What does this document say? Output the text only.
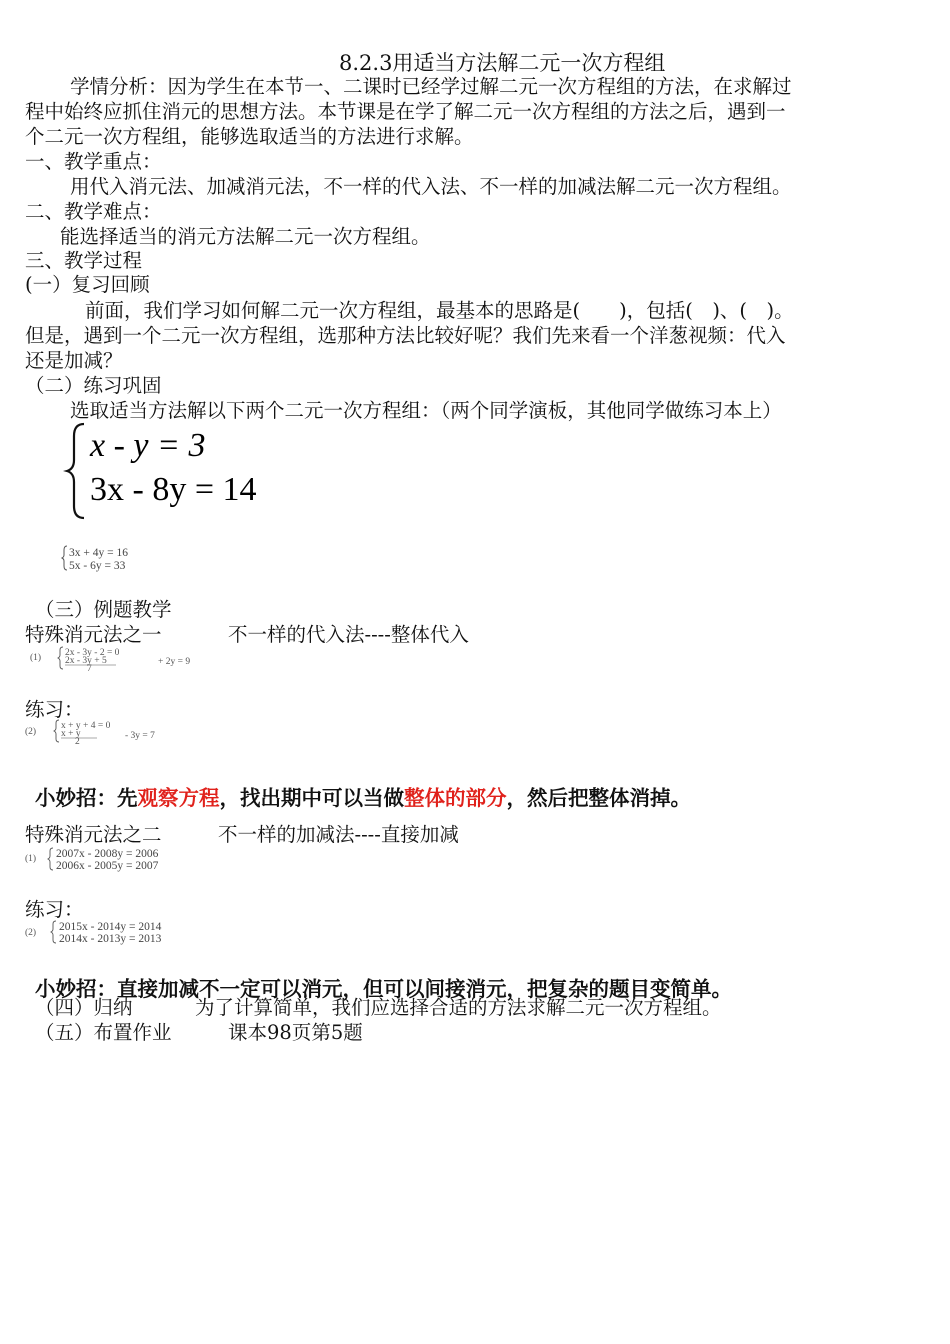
8.2.3用适当方法解二元一次方程组
学情分析：因为学生在本节一、二课时已经学过解二元一次方程组的方法，在求解过
程中始终应抓住消元的思想方法。本节课是在学了解二元一次方程组的方法之后，遇到一
个二元一次方程组，能够选取适当的方法进行求解。
一、教学重点：
用代入消元法、加减消元法，不一样的代入法、不一样的加减法解二元一次方程组。
二、教学难点：
能选择适当的消元方法解二元一次方程组。
三、教学过程
(一）复习回顾
前面，我们学习如何解二元一次方程组，最基本的思路是(　　)，包括(　)、(　)。
但是，遇到一个二元一次方程组，选那种方法比较好呢？我们先来看一个洋葱视频：代入
还是加减？
（二）练习巩固
选取适当方法解以下两个二元一次方程组：（两个同学演板，其他同学做练习本上）
x - y = 3
3x - 8y = 14
3x + 4y = 16
5x - 6y = 33
（三）例题教学
特殊消元法之一	不一样的代入法----整体代入
(1)	2x - 3y - 2 = 0
2x - 3y + 5
7
+ 2y = 9
练习：
(2)
x + y + 4 = 0
x + y
2
- 3y = 7
小妙招：先观察方程，找出期中可以当做整体的部分，然后把整体消掉。
特殊消元法之二	不一样的加减法----直接加减
(1) 2007x - 2008y = 2006
2006x - 2005y = 2007
练习：
(2) 2015x - 2014y = 2014
2014x - 2013y = 2013
小妙招：直接加减不一定可以消元，但可以间接消元，把复杂的题目变简单。
（四）归纳	为了计算简单，我们应选择合适的方法求解二元一次方程组。
（五）布置作业	课本98页第5题
